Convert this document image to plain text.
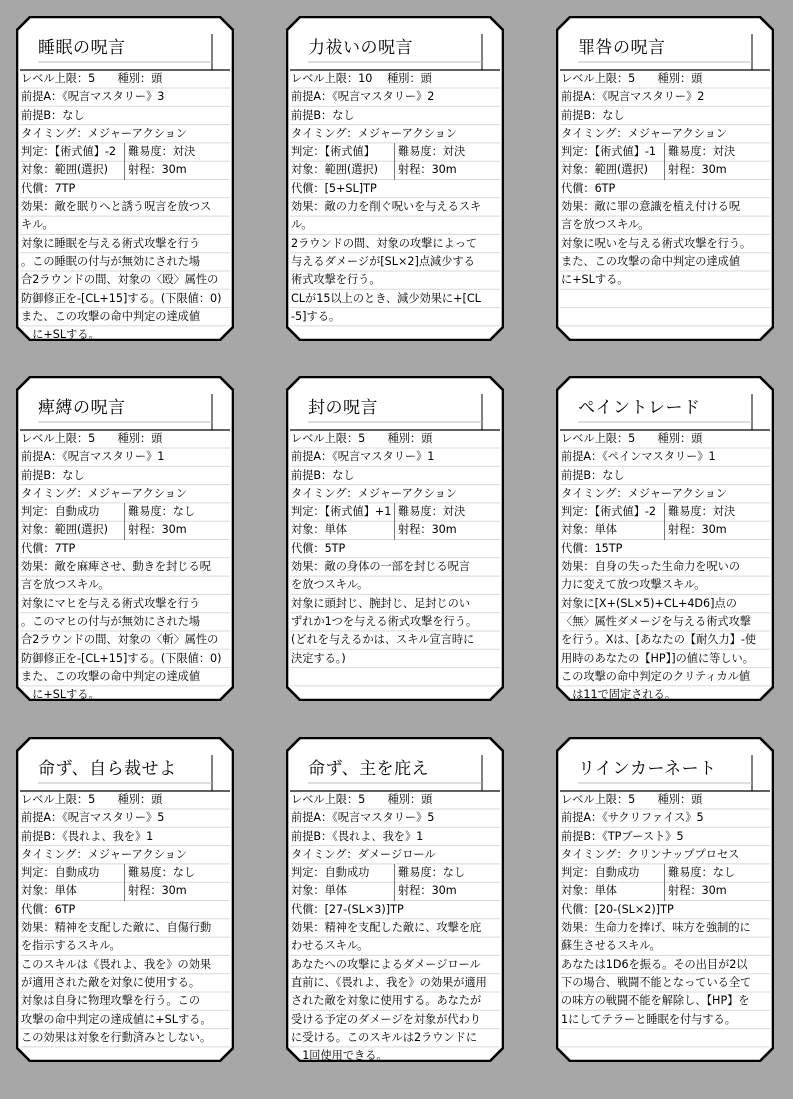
睡眠の呪言
レベル上限：5　　種別：頭
前提A：《呪言マスタリー》3
前提B：なし
タイミング：メジャーアクション
判定：【術式値】-2 難易度：対決
対象：範囲(選択) 射程：30m
代償：7TP
効果：敵を眠りへと誘う呪言を放つス
キル。
対象に睡眠を与える術式攻撃を行う
。この睡眠の付与が無効にされた場
合2ラウンドの間、対象の〈殴〉属性の
防御修正を-[CL+15]する。(下限値：0)
また、この攻撃の命中判定の達成値
　に+SLする。
力祓いの呪言
レベル上限：10　 種別：頭
前提A：《呪言マスタリー》2
前提B：なし
タイミング：メジャーアクション
判定：【術式値】 難易度：対決
対象：範囲(選択) 射程：30m
代償：[5+SL]TP
効果：敵の力を削ぐ呪いを与えるスキ
ル。
2ラウンドの間、対象の攻撃によって
与えるダメージが[SL×2]点減少する
術式攻撃を行う。
CLが15以上のとき、減少効果に+[CL
-5]する。
罪咎の呪言
レベル上限：5　　種別：頭
前提A：《呪言マスタリー》2
前提B：なし
タイミング：メジャーアクション
判定：【術式値】-1 難易度：対決
対象：範囲(選択) 射程：30m
代償：6TP
効果：敵に罪の意識を植え付ける呪
言を放つスキル。
対象に呪いを与える術式攻撃を行う。
また、この攻撃の命中判定の達成値
に+SLする。
痺縛の呪言
レベル上限：5　　種別：頭
前提A：《呪言マスタリー》1
前提B：なし
タイミング：メジャーアクション
判定：自動成功	難易度：なし
対象：範囲(選択) 射程：30m
代償：7TP
効果：敵を麻痺させ、動きを封じる呪
言を放つスキル。
対象にマヒを与える術式攻撃を行う
。このマヒの付与が無効にされた場
合2ラウンドの間、対象の〈斬〉属性の
防御修正を-[CL+15]する。(下限値：0)
また、この攻撃の命中判定の達成値
　に+SLする。
封の呪言
レベル上限：5　　種別：頭
前提A：《呪言マスタリー》1
前提B：なし
タイミング：メジャーアクション
判定：【術式値】+1 難易度：対決
対象：単体	射程：30m
代償：5TP
効果：敵の身体の一部を封じる呪言
を放つスキル。
対象に頭封じ、腕封じ、足封じのい
ずれか1つを与える術式攻撃を行う。
(どれを与えるかは、スキル宣言時に
決定する。)
ペイントレード
レベル上限：5　　種別：頭
前提A：《ペインマスタリー》1
前提B：なし
タイミング：メジャーアクション
判定：【術式値】-2 難易度：対決
対象：単体	射程：30m
代償：15TP
効果：自身の失った生命力を呪いの
力に変えて放つ攻撃スキル。
対象に[X+(SL×5)+CL+4D6]点の
〈無〉属性ダメージを与える術式攻撃
を行う。Xは、[あなたの【耐久力】-使
用時のあなたの【HP】]の値に等しい。
この攻撃の命中判定のクリティカル値
　は11で固定される。
命ず、自ら裁せよ
レベル上限：5　　種別：頭
前提A：《呪言マスタリー》5
前提B：《畏れよ、我を》1
タイミング：メジャーアクション
判定：自動成功	難易度：なし
対象：単体	射程：30m
代償：6TP
効果：精神を支配した敵に、自傷行動
を指示するスキル。
このスキルは《畏れよ、我を》の効果
が適用された敵を対象に使用する。
対象は自身に物理攻撃を行う。この
攻撃の命中判定の達成値に+SLする。
この効果は対象を行動済みとしない。
命ず、主を庇え
レベル上限：5　　種別：頭
前提A：《呪言マスタリー》5
前提B：《畏れよ、我を》1
タイミング：ダメージロール
判定：自動成功	難易度：なし
対象：単体	射程：30m
代償：[27-(SL×3)]TP
効果：精神を支配した敵に、攻撃を庇
わせるスキル。
あなたへの攻撃によるダメージロール
直前に、《畏れよ、我を》の効果が適用
された敵を対象に使用する。あなたが
受ける予定のダメージを対象が代わり
に受ける。このスキルは2ラウンドに
　1回使用できる。
リインカーネート
レベル上限：5　　種別：頭
前提A：《サクリファイス》5
前提B：《TPブースト》5
タイミング：クリンナッププロセス
判定：自動成功	難易度：なし
対象：単体	射程：30m
代償：[20-(SL×2)]TP
効果：生命力を捧げ、味方を強制的に
蘇生させるスキル。
あなたは1D6を振る。その出目が2以
下の場合、戦闘不能となっている全て
の味方の戦闘不能を解除し、【HP】を
1にしてテラーと睡眠を付与する。
